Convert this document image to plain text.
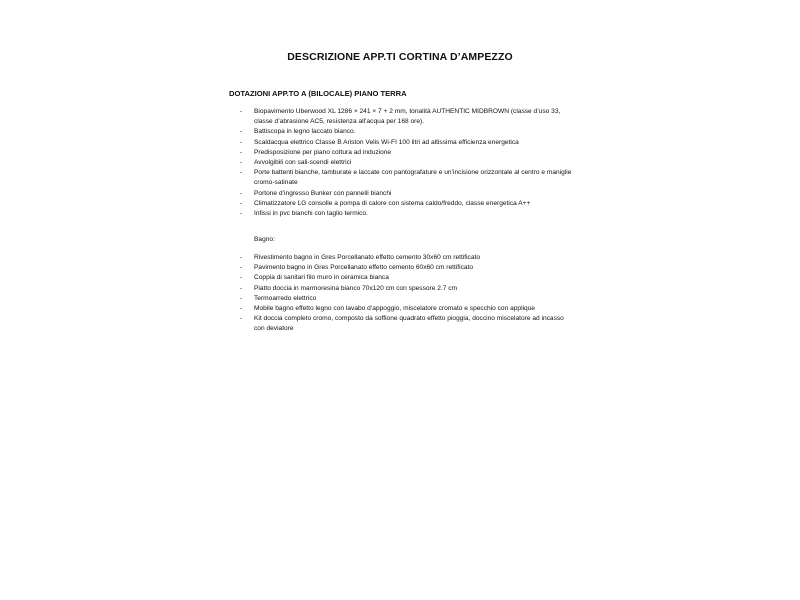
DESCRIZIONE APP.TI CORTINA D’AMPEZZO
DOTAZIONI APP.TO A (BILOCALE) PIANO TERRA
- Biopavimento Uberwood XL 1286 × 241 × 7 + 2 mm, tonalità AUTHENTIC MIDBROWN (classe d’uso 33, classe d’abrasione AC5, resistenza all’acqua per 168 ore).
- Battiscopa in legno laccato bianco.
- Scaldacqua elettrico Classe B Ariston Velis Wi-FI 100 litri ad altissima efficienza energetica
- Predisposizione per piano cottura ad induzione
- Avvolgibili con sali-scendi elettrici
- Porte battenti bianche, tamburate e laccate con pantografature e un’incisione orizzontale al centro e maniglie cromo-satinate
- Portone d’ingresso Bunker con pannelli bianchi
- Climatizzatore LG consolle a pompa di calore con sistema caldo/freddo, classe energetica A++
- Infissi in pvc bianchi con taglio termico.
Bagno:
- Rivestimento bagno in Gres Porcellanato effetto cemento 30x60 cm rettificato
- Pavimento bagno in Gres Porcellanato effetto cemento 60x60 cm rettificato
- Coppia di sanitari filo muro in ceramica bianca
- Piatto doccia in marmoresina bianco 70x120 cm con spessore 2.7 cm
- Termoarredo elettrico
- Mobile bagno effetto legno con lavabo d’appoggio, miscelatore cromato e specchio con applique
- Kit doccia completo cromo, composto da soffione quadrato effetto pioggia, doccino miscelatore ad incasso con deviatore
